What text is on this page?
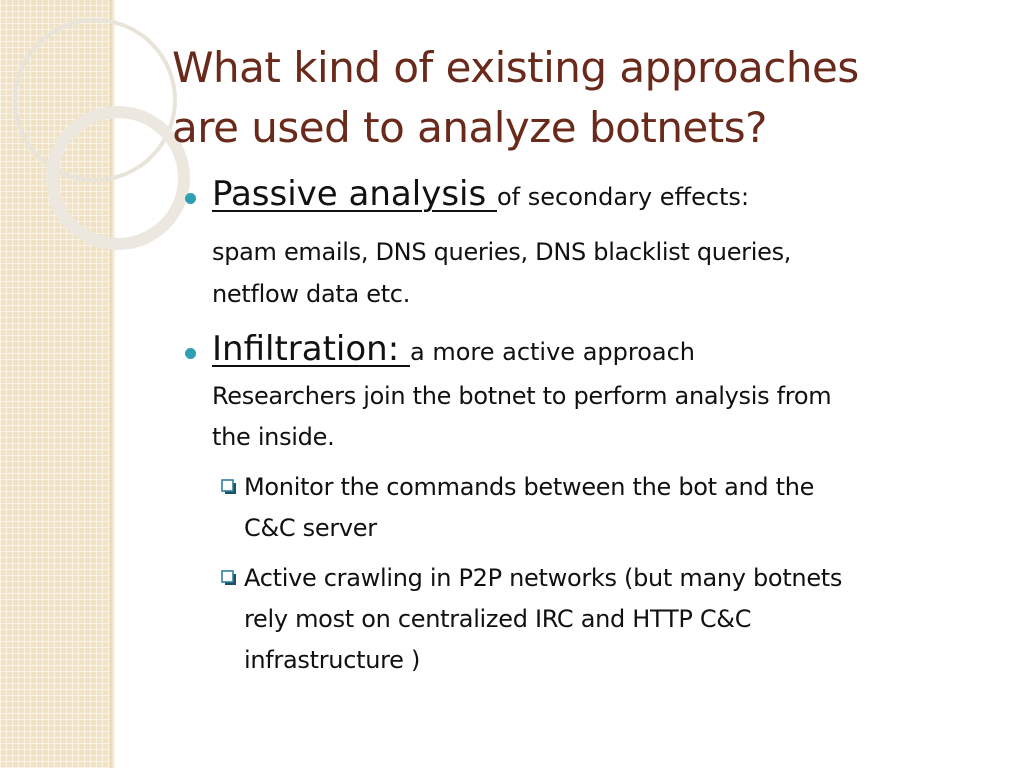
What kind of existing approaches
are used to analyze botnets?
Passive analysis of secondary effects:
spam emails, DNS queries, DNS blacklist queries,
netflow data etc.
Infiltration: a more active approach
Researchers join the botnet to perform analysis from
the inside.
Monitor the commands between the bot and the
C&C server
Active crawling in P2P networks (but many botnets
rely most on centralized IRC and HTTP C&C
infrastructure )
